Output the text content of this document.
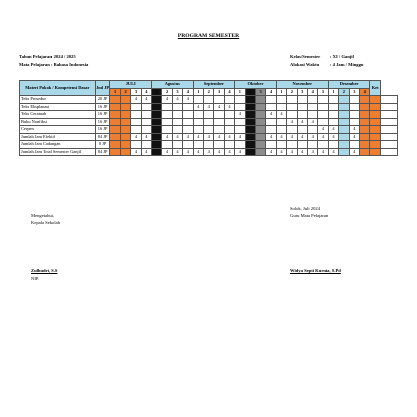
PROGRAM SEMESTER
Tahun Pelajaran : 2024 / 2025
Mata Pelajaran : Bahasa Indonesia
Kelas/Semester	: XI / Ganjil
Alokasi Waktu	: 4 Jam / Minggu
Materi Pokok / Kompetensi Dasar	Jml JP	JULI				Agustus				September				Oktober				November					Desember				Ket	
		1	2	3	4	1	2	3	4	1	2	3	4	1	2	3	4	1	2	3	4	5	1	2	3	4		
Teks Prosedur	20 JP			4	4		4	4	4																			
Teks Eksplanasi	16 JP									4	4	4	4															
Teks Ceramah	16 JP													4			4	4										
Buku Nonfiksi	16 JP																		4	4	4							
Cerpen	16 JP																					4	4		4			
Jumlah Jam Efektif	84 JP			4	4		4	4	4	4	4	4	4	4			4	4	4	4	4	4	4		4			
Jumlah Jam Cadangan	0 JP																											
Jumlah Jam Total Semester Ganjil	84 JP			4	4		4	4	4	4	4	4	4	4			4	4	4	4	4	4	4		4			
Mengetahui,
Kepala Sekolah
Zulhudri, S.S
NIP.
Solok, Juli 2024
Guru Mata Pelajaran
Widya Septi Kurnia, S.Pd
